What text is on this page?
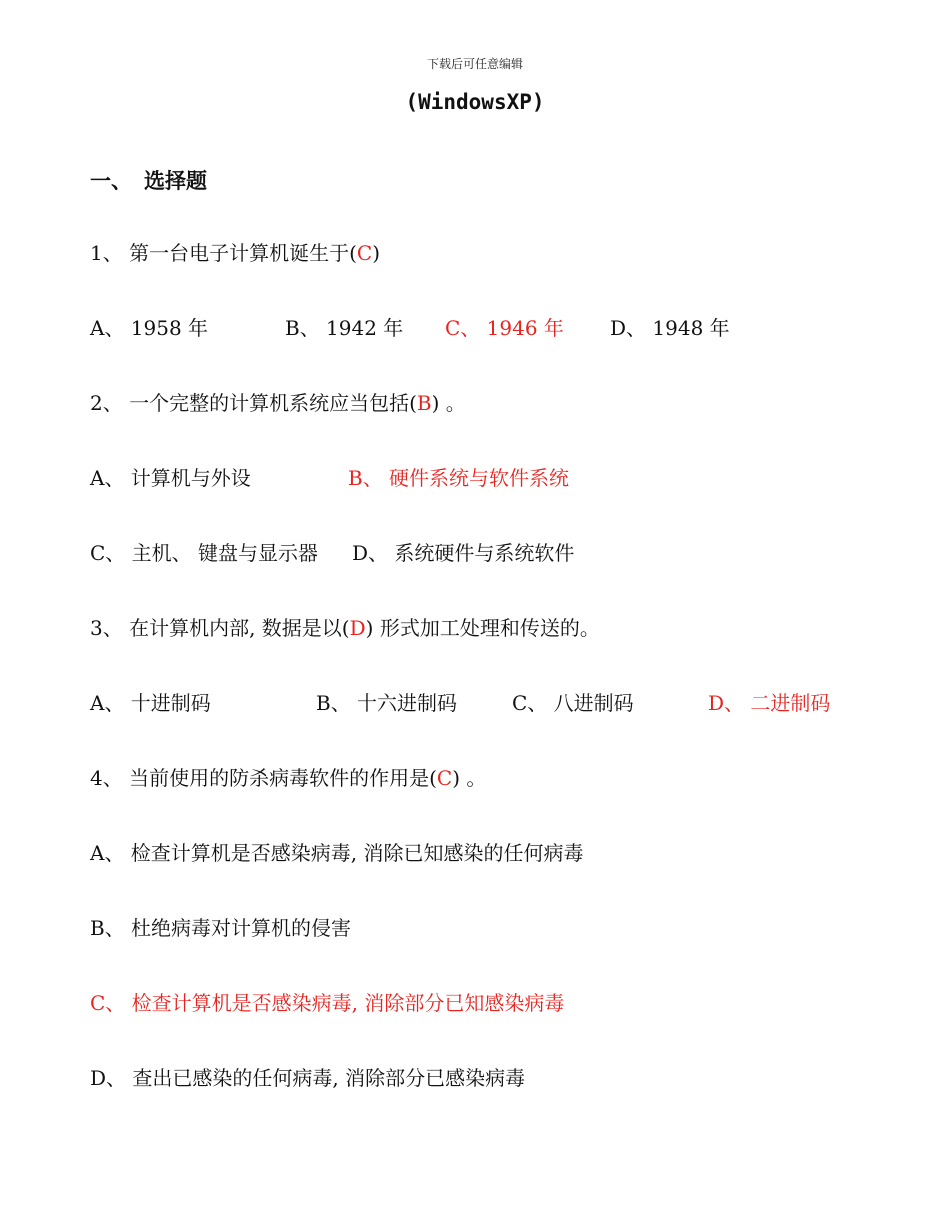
下载后可任意编辑
(WindowsXP)
一、 选择题
1、 第一台电子计算机诞生于(C)
A、 1958 年	B、 1942 年 C、 1946 年 D、 1948 年
2、 一个完整的计算机系统应当包括(B) 。
A、 计算机与外设	B、 硬件系统与软件系统
C、 主机、 键盘与显示器 D、 系统硬件与系统软件
3、 在计算机内部, 数据是以(D) 形式加工处理和传送的。
A、 十进制码	B、 十六进制码	C、 八进制码	D、 二进制码
4、 当前使用的防杀病毒软件的作用是(C) 。
A、 检查计算机是否感染病毒, 消除已知感染的任何病毒
B、 杜绝病毒对计算机的侵害
C、 检查计算机是否感染病毒, 消除部分已知感染病毒
D、 查出已感染的任何病毒, 消除部分已感染病毒
